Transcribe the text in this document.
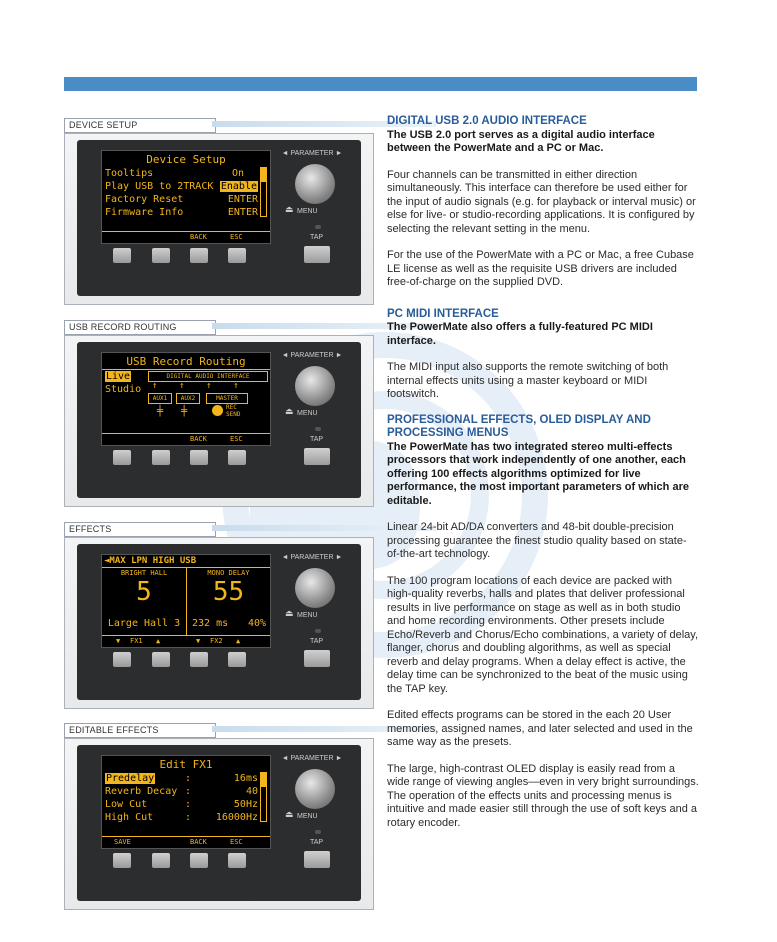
DEVICE SETUP
Device Setup
Tooltips	On
Play USB to 2TRACK Enable
Factory Reset	ENTER
Firmware Info	ENTER
BACK	ESC
◄ PARAMETER ►
⏏ MENU
TAP
USB RECORD ROUTING
USB Record Routing
Live
Studio
DIGITAL AUDIO INTERFACE
↑    ↑    ↑    ↑
AUX1	AUX2	MASTER
╪   ╪	REC SEND
BACK	ESC
◄ PARAMETER ►
⏏ MENU
TAP
EFFECTS
◄MAX LPN HIGH USB
BRIGHT HALL
5
Large Hall 3
MONO DELAY
55
232 ms 40%
▼ FX1 ▲	▼ FX2 ▲
◄ PARAMETER ►
⏏ MENU
TAP
EDITABLE EFFECTS
Edit FX1
Predelay	:	16ms
Reverb Decay :	40
Low Cut	:	50Hz
High Cut	: 16000Hz
SAVE	BACK	ESC
◄ PARAMETER ►
⏏ MENU
TAP

DIGITAL USB 2.0 AUDIO INTERFACE

The USB 2.0 port serves as a digital audio interface between the PowerMate and a PC or Mac.

Four channels can be transmitted in either direction simultaneously. This interface can therefore be used either for the input of audio signals (e.g. for playback or interval music) or else for live- or studio-recording applications. It is configured by selecting the relevant setting in the menu.

For the use of the PowerMate with a PC or Mac, a free Cubase LE license as well as the requisite USB drivers are included free-of-charge on the supplied DVD.

PC MIDI INTERFACE

The PowerMate also offers a fully-featured PC MIDI interface.

The MIDI input also supports the remote switching of both internal effects units using a master keyboard or MIDI footswitch.

PROFESSIONAL EFFECTS, OLED DISPLAY AND PROCESSING MENUS

The PowerMate has two integrated stereo multi-effects processors that work independently of one another, each offering 100 effects algorithms optimized for live performance, the most important parameters of which are editable.

Linear 24-bit AD/DA converters and 48-bit double-precision processing guarantee the finest studio quality based on state-of-the-art technology.

The 100 program locations of each device are packed with high-quality reverbs, halls and plates that deliver professional results in live performance on stage as well as in both studio and home recording environments. Other presets include Echo/Reverb and Chorus/Echo combinations, a variety of delay, flanger, chorus and doubling algorithms, as well as special reverb and delay programs. When a delay effect is active, the delay time can be synchronized to the beat of the music using the TAP key.

Edited effects programs can be stored in the each 20 User memories, assigned names, and later selected and used in the same way as the presets.

The large, high-contrast OLED display is easily read from a wide range of viewing angles—even in very bright surroundings. The operation of the effects units and processing menus is intuitive and made easier still through the use of soft keys and a rotary encoder.
